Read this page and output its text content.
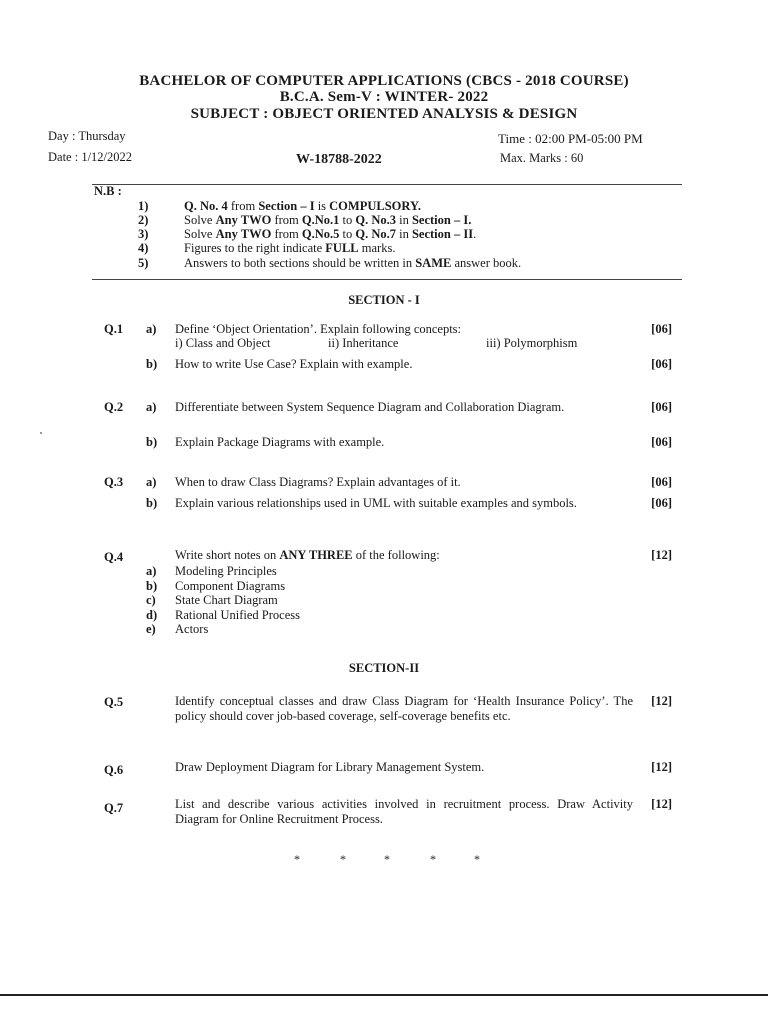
BACHELOR OF COMPUTER APPLICATIONS (CBCS - 2018 COURSE)
B.C.A. Sem-V : WINTER- 2022
SUBJECT : OBJECT ORIENTED ANALYSIS & DESIGN
Day : Thursday
Date : 1/12/2022
Time : 02:00 PM-05:00 PM
Max. Marks : 60
W-18788-2022
N.B :
1)	Q. No. 4 from Section – I is COMPULSORY.
2)	Solve Any TWO from Q.No.1 to Q. No.3 in Section – I.
3)	Solve Any TWO from Q.No.5 to Q. No.7 in Section – II.
4)	Figures to the right indicate FULL marks.
5)	Answers to both sections should be written in SAME answer book.
SECTION - I
Q.1 a) Define ‘Object Orientation’. Explain following concepts:	[06]
i) Class and Object	ii) Inheritance	iii) Polymorphism
b) How to write Use Case? Explain with example.	[06]
Q.2 a) Differentiate between System Sequence Diagram and Collaboration Diagram.	[06]
b) Explain Package Diagrams with example.	[06]
Q.3 a) When to draw Class Diagrams? Explain advantages of it.	[06]
b) Explain various relationships used in UML with suitable examples and symbols.	[06]
Q.4	Write short notes on ANY THREE of the following:	[12]
a) Modeling Principles
b) Component Diagrams
c) State Chart Diagram
d) Rational Unified Process
e) Actors
SECTION-II
Q.5	Identify conceptual classes and draw Class Diagram for ‘Health Insurance Policy’. The policy should cover job-based coverage, self-coverage benefits etc.
[12]
Q.6	Draw Deployment Diagram for Library Management System.	[12]
Q.7	List and describe various activities involved in recruitment process. Draw Activity Diagram for Online Recruitment Process.
[12]
*	*	*	*	*
